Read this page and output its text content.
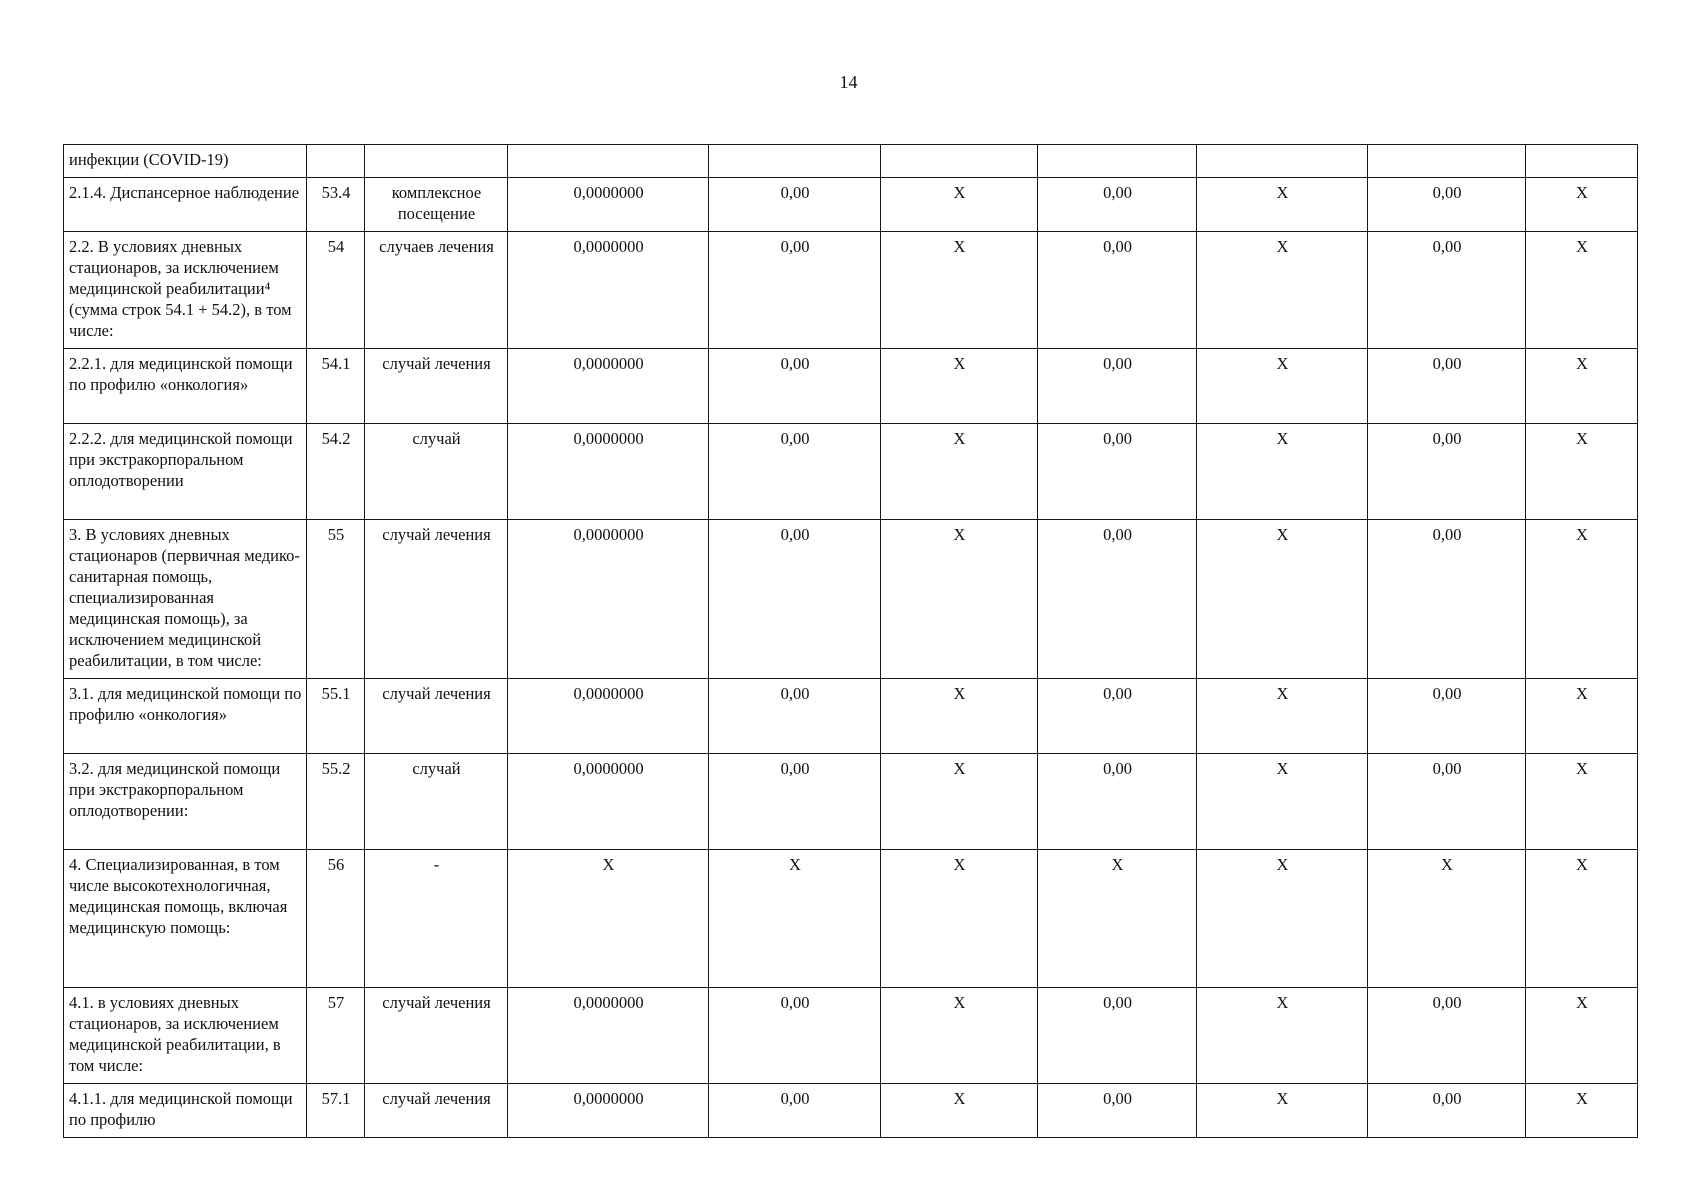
14
инфекции (COVID-19)									
2.1.4. Диспансерное наблюдение	53.4	комплексное посещение	0,0000000	0,00	Х	0,00	Х	0,00	Х
2.2. В условиях дневных стационаров, за исключением медицинской реабилитации⁴ (сумма строк 54.1 + 54.2), в том числе:	54	случаев лечения	0,0000000	0,00	Х	0,00	Х	0,00	Х
2.2.1. для медицинской помощи по профилю «онкология»	54.1	случай лечения	0,0000000	0,00	Х	0,00	Х	0,00	Х
2.2.2. для медицинской помощи при экстракорпоральном оплодотворении	54.2	случай	0,0000000	0,00	Х	0,00	Х	0,00	Х
3. В условиях дневных стационаров (первичная медико-санитарная помощь, специализированная медицинская помощь), за исключением медицинской реабилитации, в том числе:	55	случай лечения	0,0000000	0,00	Х	0,00	Х	0,00	Х
3.1. для медицинской помощи по профилю «онкология»	55.1	случай лечения	0,0000000	0,00	Х	0,00	Х	0,00	Х
3.2. для медицинской помощи при экстракорпоральном оплодотворении:	55.2	случай	0,0000000	0,00	Х	0,00	Х	0,00	Х
4. Специализированная, в том числе высокотехнологичная, медицинская помощь, включая медицинскую помощь:	56	-	Х	Х	Х	Х	Х	Х	Х
4.1. в условиях дневных стационаров, за исключением медицинской реабилитации, в том числе:	57	случай лечения	0,0000000	0,00	Х	0,00	Х	0,00	Х
4.1.1. для медицинской помощи по профилю	57.1	случай лечения	0,0000000	0,00	Х	0,00	Х	0,00	Х
